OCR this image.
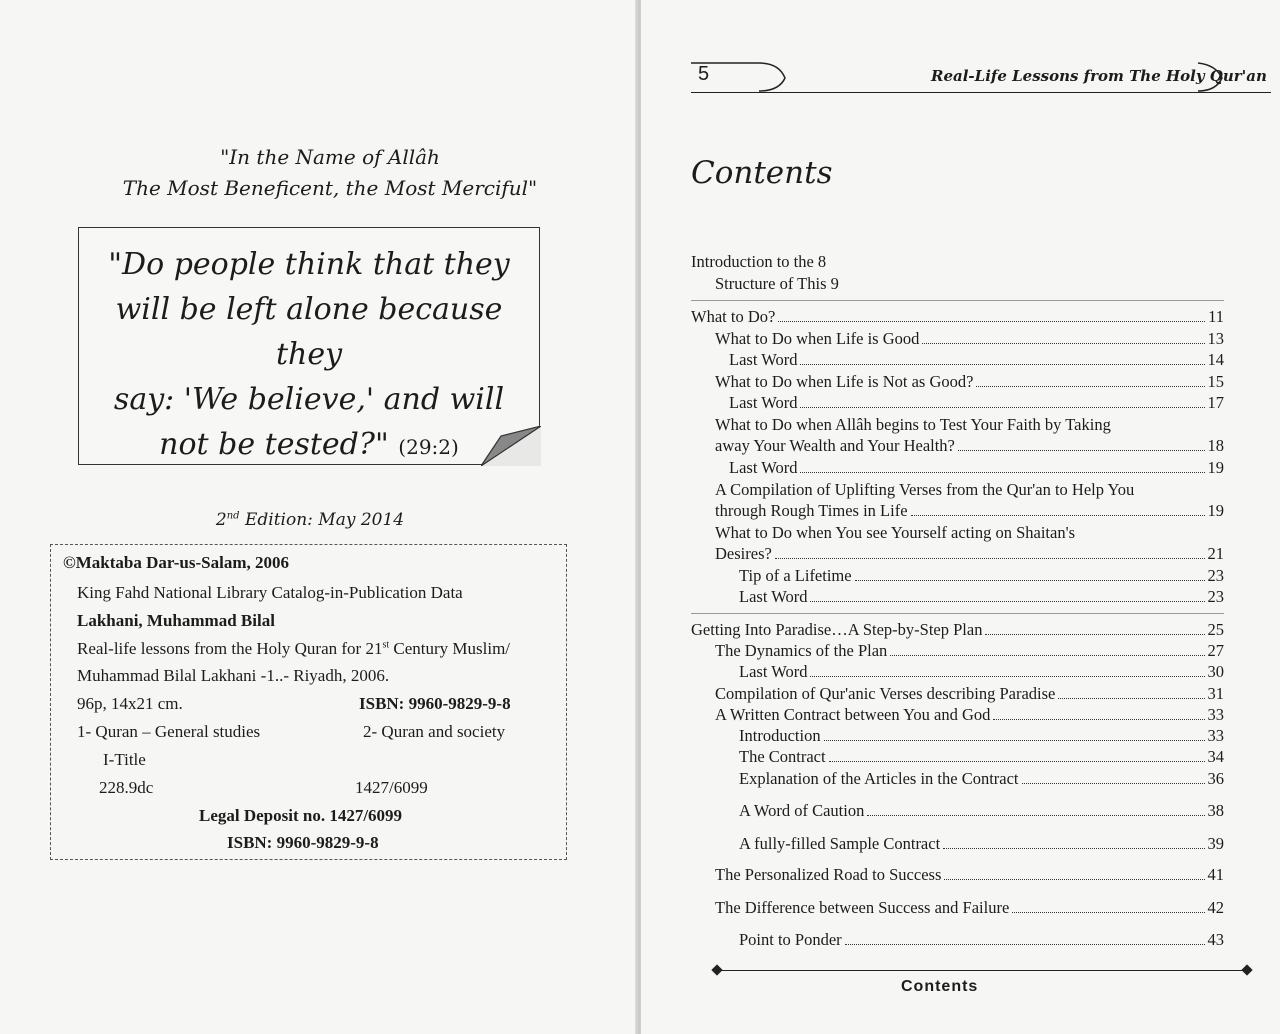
"In the Name of Allâh
The Most Beneficent, the Most Merciful"
"Do people think that they
will be left alone because they
say: 'We believe,' and will
not be tested?" (29:2)
2nd Edition: May 2014
©Maktaba Dar-us-Salam, 2006
King Fahd National Library Catalog-in-Publication Data
Lakhani, Muhammad Bilal
Real-life lessons from the Holy Quran for 21st Century Muslim/
Muhammad Bilal Lakhani -1..- Riyadh, 2006.
96p, 14x21 cm.	ISBN: 9960-9829-9-8
1- Quran – General studies	2- Quran and society
I-Title
228.9dc	1427/6099
Legal Deposit no. 1427/6099
ISBN: 9960-9829-9-8
5	Real-Life Lessons from The Holy Qur'an
Contents
Introduction to the 8
Structure of This 9
What to Do?	11
What to Do when Life is Good	13
Last Word	14
What to Do when Life is Not as Good?	15
Last Word	17
What to Do when Allâh begins to Test Your Faith by Taking
away Your Wealth and Your Health?	18
Last Word	19
A Compilation of Uplifting Verses from the Qur'an to Help You
through Rough Times in Life	19
What to Do when You see Yourself acting on Shaitan's
Desires?	21
Tip of a Lifetime	23
Last Word	23
Getting Into Paradise…A Step-by-Step Plan	25
The Dynamics of the Plan	27
Last Word	30
Compilation of Qur'anic Verses describing Paradise	31
A Written Contract between You and God	33
Introduction	33
The Contract	34
Explanation of the Articles in the Contract	36
A Word of Caution	38
A fully-filled Sample Contract	39
The Personalized Road to Success	41
The Difference between Success and Failure	42
Point to Ponder	43
Contents
